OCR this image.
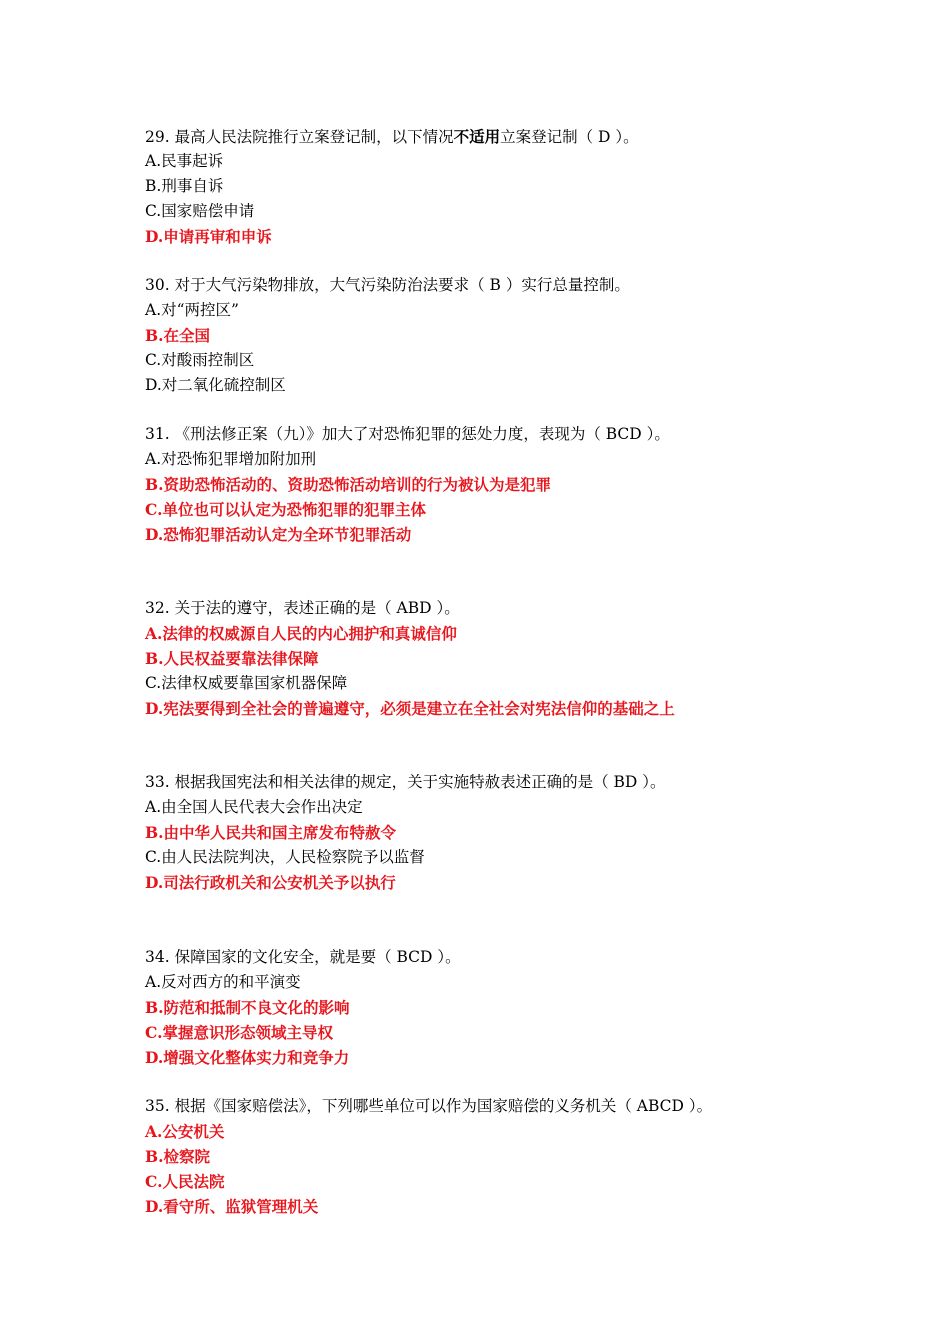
29. 最高人民法院推行立案登记制，以下情况不适用立案登记制（ D ）。
A.民事起诉
B.刑事自诉
C.国家赔偿申请
D.申请再审和申诉
30. 对于大气污染物排放，大气污染防治法要求（ B ）实行总量控制。
A.对“两控区”
B.在全国
C.对酸雨控制区
D.对二氧化硫控制区
31. 《刑法修正案（九）》加大了对恐怖犯罪的惩处力度，表现为（ BCD ）。
A.对恐怖犯罪增加附加刑
B.资助恐怖活动的、资助恐怖活动培训的行为被认为是犯罪
C.单位也可以认定为恐怖犯罪的犯罪主体
D.恐怖犯罪活动认定为全环节犯罪活动
32. 关于法的遵守，表述正确的是（ ABD ）。
A.法律的权威源自人民的内心拥护和真诚信仰
B.人民权益要靠法律保障
C.法律权威要靠国家机器保障
D.宪法要得到全社会的普遍遵守，必须是建立在全社会对宪法信仰的基础之上
33. 根据我国宪法和相关法律的规定，关于实施特赦表述正确的是（ BD ）。
A.由全国人民代表大会作出决定
B.由中华人民共和国主席发布特赦令
C.由人民法院判决，人民检察院予以监督
D.司法行政机关和公安机关予以执行
34. 保障国家的文化安全，就是要（ BCD ）。
A.反对西方的和平演变
B.防范和抵制不良文化的影响
C.掌握意识形态领域主导权
D.增强文化整体实力和竞争力
35. 根据《国家赔偿法》，下列哪些单位可以作为国家赔偿的义务机关（ ABCD ）。
A.公安机关
B.检察院
C.人民法院
D.看守所、监狱管理机关
